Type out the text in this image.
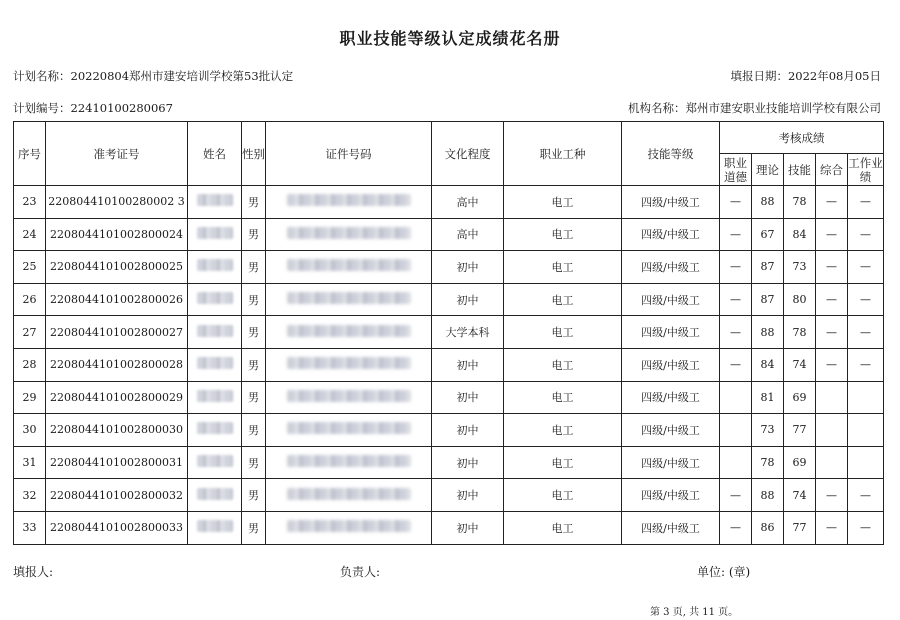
职业技能等级认定成绩花名册
计划名称：20220804郑州市建安培训学校第53批认定	填报日期：2022年08月05日
计划编号：22410100280067	机构名称：郑州市建安职业技能培训学校有限公司
序号	准考证号	姓名	性别	证件号码	文化程度	职业工种	技能等级	考核成绩				
								职业道德	理论	技能	综合	工作业绩
23	220804410100280002 3		男		高中	电工	四级/中级工	—	88	78	—	—
24	2208044101002800024		男		高中	电工	四级/中级工	—	67	84	—	—
25	2208044101002800025		男		初中	电工	四级/中级工	—	87	73	—	—
26	2208044101002800026		男		初中	电工	四级/中级工	—	87	80	—	—
27	2208044101002800027		男		大学本科	电工	四级/中级工	—	88	78	—	—
28	2208044101002800028		男		初中	电工	四级/中级工	—	84	74	—	—
29	2208044101002800029		男		初中	电工	四级/中级工		81	69		
30	2208044101002800030		男		初中	电工	四级/中级工		73	77		
31	2208044101002800031		男		初中	电工	四级/中级工		78	69		
32	2208044101002800032		男		初中	电工	四级/中级工	—	88	74	—	—
33	2208044101002800033		男		初中	电工	四级/中级工	—	86	77	—	—
填报人:	负责人:	单位: (章)
第 3 页, 共 11 页。
